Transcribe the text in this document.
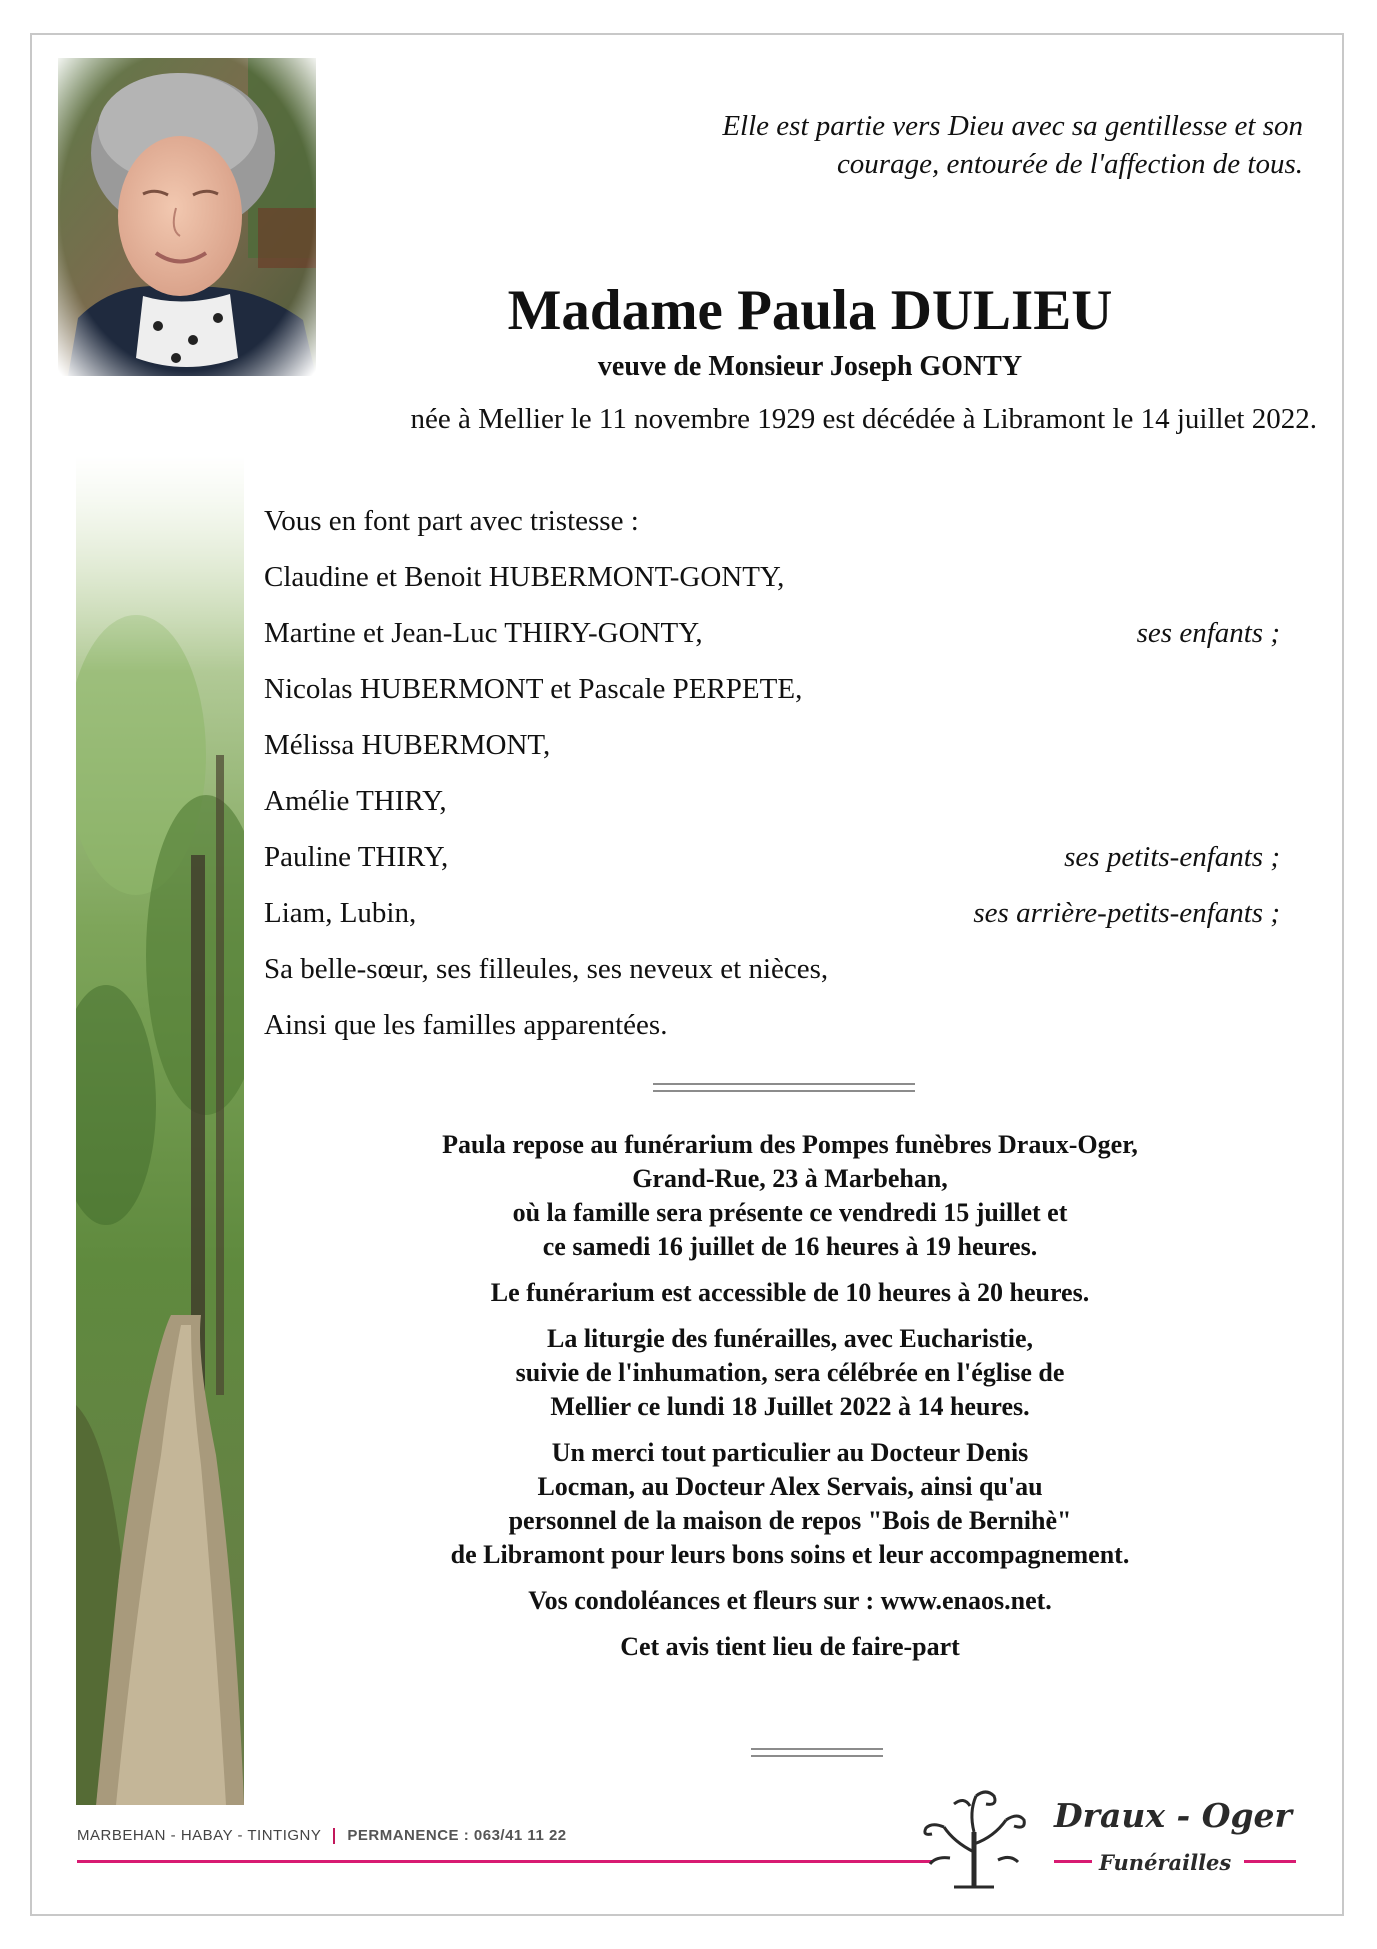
Elle est partie vers Dieu avec sa gentillesse et son
courage, entourée de l'affection de tous.
Madame Paula DULIEU
veuve de Monsieur Joseph GONTY
née à Mellier le 11 novembre 1929 est décédée à Libramont le 14 juillet 2022.
Vous en font part avec tristesse :
Claudine et Benoit HUBERMONT-GONTY,
Martine et Jean-Luc THIRY-GONTY,	ses enfants ;
Nicolas HUBERMONT et Pascale PERPETE,
Mélissa HUBERMONT,
Amélie THIRY,
Pauline THIRY,	ses petits-enfants ;
Liam, Lubin,	ses arrière-petits-enfants ;
Sa belle-sœur, ses filleules, ses neveux et nièces,
Ainsi que les familles apparentées.

Paula repose au funérarium des Pompes funèbres Draux-Oger,
Grand-Rue, 23 à Marbehan,
où la famille sera présente ce vendredi 15 juillet et
ce samedi 16 juillet de 16 heures à 19 heures.

Le funérarium est accessible de 10 heures à 20 heures.

La liturgie des funérailles, avec Eucharistie,
suivie de l'inhumation, sera célébrée en l'église de
Mellier ce lundi 18 Juillet 2022 à 14 heures.

Un merci tout particulier au Docteur Denis
Locman, au Docteur Alex Servais, ainsi qu'au
personnel de la maison de repos "Bois de Bernihè"
de Libramont pour leurs bons soins et leur accompagnement.

Vos condoléances et fleurs sur : www.enaos.net.

Cet avis tient lieu de faire-part

MARBEHAN - HABAY - TINTIGNY PERMANENCE : 063/41 11 22
Draux - Oger
Funérailles
